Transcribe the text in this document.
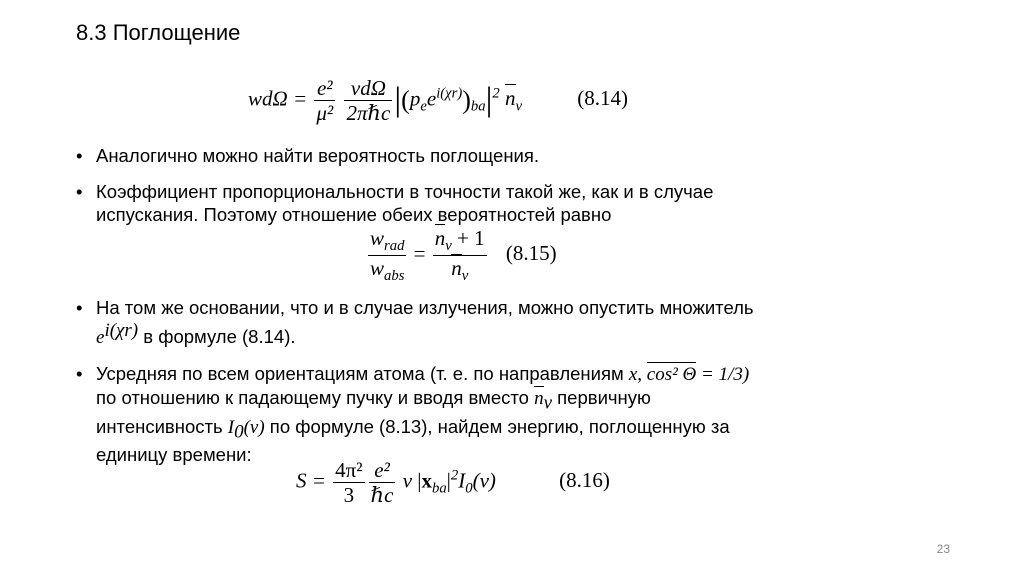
8.3 Поглощение
$wd\Omega = \frac{\text{e²}}{\text{μ²}}$
$\frac{\text{νdΩ}}{\text{2πℏc}} |(p_ee^{i(\chi r)})_{ba}|^2$ $n_\nu$	(8.14)
• Аналогично можно найти вероятность поглощения.
• Коэффициент пропорциональности в точности такой же, как и в случае
испускания. Поэтому отношение обеих вероятностей равно
$\frac{w_{rad}}{w_{abs}} = \frac{n_\nu + 1}{n_\nu} (8.15)$
• На том же основании, что и в случае излучения, можно опустить множитель
$e^{i(\chi r)}$ в формуле (8.14).
• Усредняя по всем ориентациям атома (т. е. по направлениям x, cos² Θ = 1/3)
по отношению к падающему пучку и вводя вместо $n_\nu$ первичную
интенсивность $I_0(\nu)$ по формуле (8.13), найдем энергию, поглощенную за
единицу времени:
$S = \frac{\text{4π²}}{3} \frac{\text{e²}}{\text{ℏc}}$ ν $|x_{ba}|^2I_0(\nu)$	(8.16)
23
